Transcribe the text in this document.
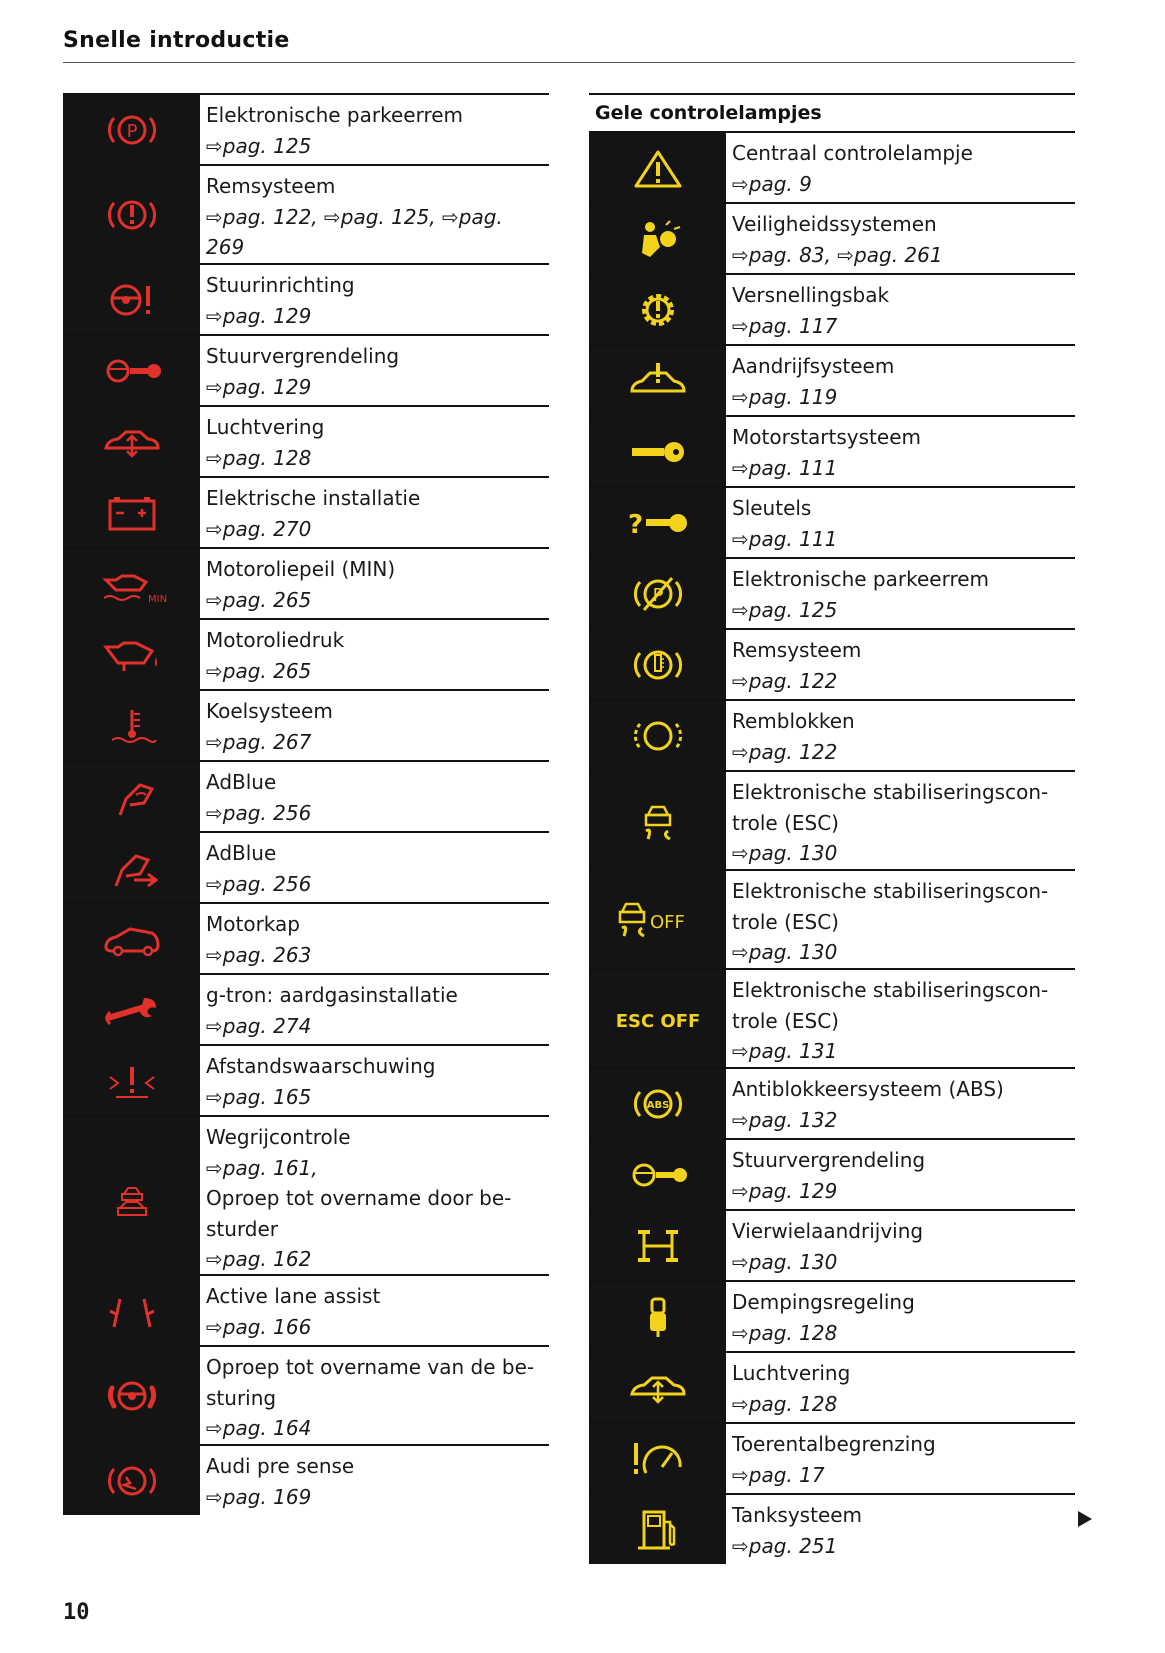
Snelle introductie
P
Elektronische parkeerrem
⇨pag. 125
Remsysteem
⇨pag. 122, ⇨pag. 125, ⇨pag.
269
Stuurinrichting
⇨pag. 129
Stuurvergrendeling
⇨pag. 129
Luchtvering
⇨pag. 128
Elektrische installatie
⇨pag. 270
MIN
Motoroliepeil (MIN)
⇨pag. 265
Motoroliedruk
⇨pag. 265
Koelsysteem
⇨pag. 267
AdBlue
⇨pag. 256
AdBlue
⇨pag. 256
Motorkap
⇨pag. 263
g-tron: aardgasinstallatie
⇨pag. 274
Afstandswaarschuwing
⇨pag. 165
Wegrijcontrole
⇨pag. 161,
Oproep tot overname door be-
sturder
⇨pag. 162
Active lane assist
⇨pag. 166
Oproep tot overname van de be-
sturing
⇨pag. 164
Audi pre sense
⇨pag. 169
Gele controlelampjes
Centraal controlelampje
⇨pag. 9
Veiligheidssystemen
⇨pag. 83, ⇨pag. 261
Versnellingsbak
⇨pag. 117
Aandrijfsysteem
⇨pag. 119
Motorstartsysteem
⇨pag. 111
?
Sleutels
⇨pag. 111
P
Elektronische parkeerrem
⇨pag. 125
Remsysteem
⇨pag. 122
Remblokken
⇨pag. 122
Elektronische stabiliseringscon-
trole (ESC)
⇨pag. 130
OFF
Elektronische stabiliseringscon-
trole (ESC)
⇨pag. 130
ESC OFF
Elektronische stabiliseringscon-
trole (ESC)
⇨pag. 131
ABS
Antiblokkeersysteem (ABS)
⇨pag. 132
Stuurvergrendeling
⇨pag. 129
Vierwielaandrijving
⇨pag. 130
Dempingsregeling
⇨pag. 128
Luchtvering
⇨pag. 128
Toerentalbegrenzing
⇨pag. 17
Tanksysteem
⇨pag. 251
10
